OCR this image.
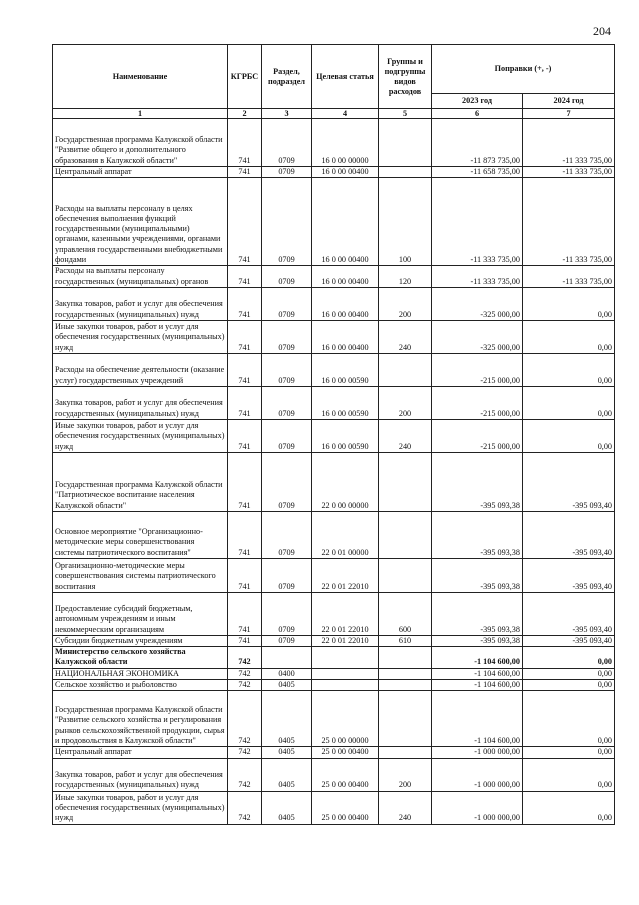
204
Наименование	КГРБС	Раздел, подраздел	Целевая статья	Группы и подгруппы видов расходов	Поправки (+, -)	
					2023 год	2024 год
1	2	3	4	5	6	7
Государственная программа Калужской области "Развитие общего и дополнительного образования в Калужской области"	741	0709	16 0 00 00000		-11 873 735,00	-11 333 735,00
Центральный аппарат	741	0709	16 0 00 00400		-11 658 735,00	-11 333 735,00
Расходы на выплаты персоналу в целях обеспечения выполнения функций государственными (муниципальными) органами, казенными учреждениями, органами управления государственными внебюджетными фондами	741	0709	16 0 00 00400	100	-11 333 735,00	-11 333 735,00
Расходы на выплаты персоналу государственных (муниципальных) органов	741	0709	16 0 00 00400	120	-11 333 735,00	-11 333 735,00
Закупка товаров, работ и услуг для обеспечения государственных (муниципальных) нужд	741	0709	16 0 00 00400	200	-325 000,00	0,00
Иные закупки товаров, работ и услуг для обеспечения государственных (муниципальных) нужд	741	0709	16 0 00 00400	240	-325 000,00	0,00
Расходы на обеспечение деятельности (оказание услуг) государственных учреждений	741	0709	16 0 00 00590		-215 000,00	0,00
Закупка товаров, работ и услуг для обеспечения государственных (муниципальных) нужд	741	0709	16 0 00 00590	200	-215 000,00	0,00
Иные закупки товаров, работ и услуг для обеспечения государственных (муниципальных) нужд	741	0709	16 0 00 00590	240	-215 000,00	0,00
Государственная программа Калужской области "Патриотическое воспитание населения Калужской области"	741	0709	22 0 00 00000		-395 093,38	-395 093,40
Основное мероприятие "Организационно-методические меры совершенствования системы патриотического воспитания"	741	0709	22 0 01 00000		-395 093,38	-395 093,40
Организационно-методические меры совершенствования системы патриотического воспитания	741	0709	22 0 01 22010		-395 093,38	-395 093,40
Предоставление субсидий бюджетным, автономным учреждениям и иным некоммерческим организациям	741	0709	22 0 01 22010	600	-395 093,38	-395 093,40
Субсидии бюджетным учреждениям	741	0709	22 0 01 22010	610	-395 093,38	-395 093,40
Министерство сельского хозяйства Калужской области	742				-1 104 600,00	0,00
НАЦИОНАЛЬНАЯ ЭКОНОМИКА	742	0400			-1 104 600,00	0,00
Сельское хозяйство и рыболовство	742	0405			-1 104 600,00	0,00
Государственная программа Калужской области "Развитие сельского хозяйства и регулирования рынков сельскохозяйственной продукции, сырья и продовольствия в Калужской области"	742	0405	25 0 00 00000		-1 104 600,00	0,00
Центральный аппарат	742	0405	25 0 00 00400		-1 000 000,00	0,00
Закупка товаров, работ и услуг для обеспечения государственных (муниципальных) нужд	742	0405	25 0 00 00400	200	-1 000 000,00	0,00
Иные закупки товаров, работ и услуг для обеспечения государственных (муниципальных) нужд	742	0405	25 0 00 00400	240	-1 000 000,00	0,00
